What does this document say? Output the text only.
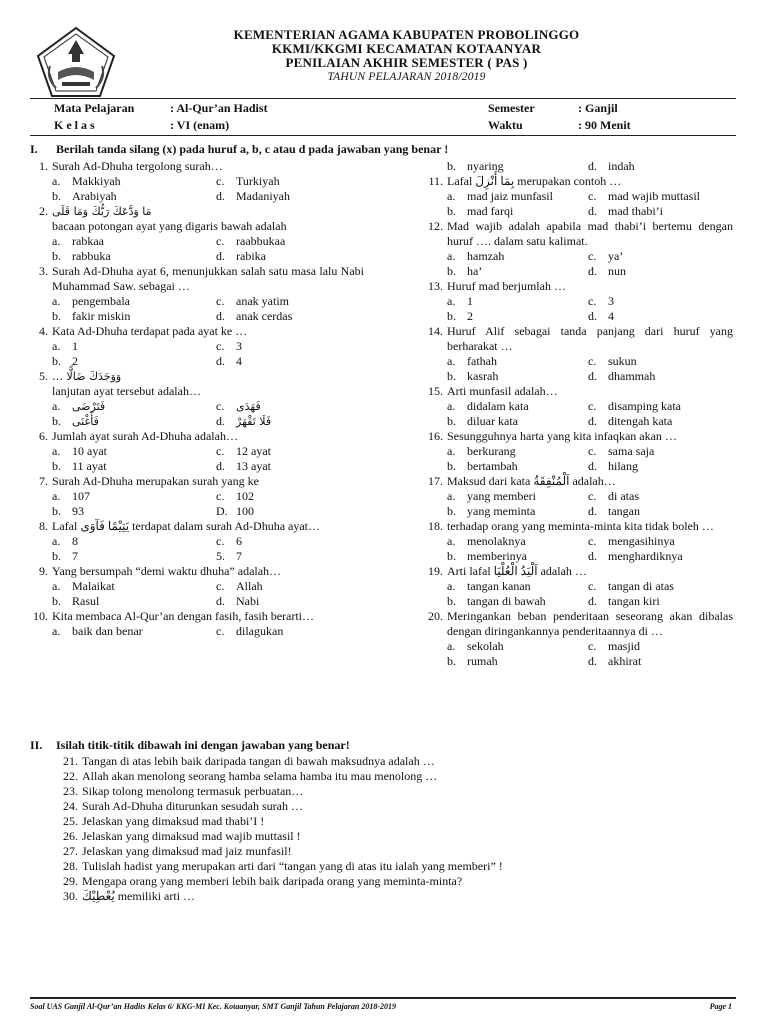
KEMENTERIAN AGAMA KABUPATEN PROBOLINGGO
KKMI/KKGMI KECAMATAN KOTAANYAR
PENILAIAN AKHIR SEMESTER ( PAS )
TAHUN PELAJARAN 2018/2019
Mata Pelajaran	: Al-Qur’an Hadist	Semester	: Ganjil
K e l a s	: VI (enam)	Waktu	: 90 Menit
I. Berilah tanda silang (x) pada huruf a, b, c atau d pada jawaban yang benar !
1. Surah Ad-Dhuha tergolong surah…
a. Makkiyah	c. Turkiyah
b. Arabiyah	d. Madaniyah
2. مَا وَدَّعَكَ رَبُّكَ وَمَا قَلَى
bacaan potongan ayat yang digaris bawah adalah
a. rabkaa	c. raabbukaa
b. rabbuka	d. rabika
3. Surah Ad-Dhuha ayat 6, menunjukkan salah satu masa lalu Nabi Muhammad Saw. sebagai …
a. pengembala	c. anak yatim
b. fakir miskin	d. anak cerdas
4. Kata Ad-Dhuha terdapat pada ayat ke …
a. 1	c. 3
b. 2	d. 4
5. … وَوَجَدَكَ ضَالًّا
lanjutan ayat tersebut adalah…
a. فَتَرْضَى	c. فَهَدَى
b. فَأَغْنَى	d. فَلَا تَقْهَرْ
6. Jumlah ayat surah Ad-Dhuha adalah…
a. 10 ayat	c. 12 ayat
b. 11 ayat	d. 13 ayat
7. Surah Ad-Dhuha merupakan surah yang ke
a. 107	c. 102
b. 93	D. 100
8. Lafal يَتِيْمًا فَآوَى terdapat dalam surah Ad-Dhuha ayat…
a. 8	c. 6
b. 7	5. 7
9. Yang bersumpah “demi waktu dhuha” adalah…
a. Malaikat	c. Allah
b. Rasul	d. Nabi
10. Kita membaca Al-Qur’an dengan fasih, fasih berarti…
a. baik dan benar	c. dilagukan
b. nyaring	d. indah
11. Lafal بِمَا أَنْزِلَ merupakan contoh …
a. mad jaiz munfasil	c. mad wajib muttasil
b. mad farqi	d. mad thabi’i
12. Mad wajib adalah apabila mad thabi’i bertemu dengan huruf …. dalam satu kalimat.
a. hamzah	c. ya’
b. ha’	d. nun
13. Huruf mad berjumlah …
a. 1	c. 3
b. 2	d. 4
14. Huruf Alif sebagai tanda panjang dari huruf yang berharakat …
a. fathah	c. sukun
b. kasrah	d. dhammah
15. Arti munfasil adalah…
a. didalam kata	c. disamping kata
b. diluar kata	d. ditengah kata
16. Sesungguhnya harta yang kita infaqkan akan …
a. berkurang	c. sama saja
b. bertambah	d. hilang
17. Maksud dari kata اَلْمُنْفِقَةُ adalah…
a. yang memberi	c. di atas
b. yang meminta	d. tangan
18. terhadap orang yang meminta-minta kita tidak boleh …
a. menolaknya	c. mengasihinya
b. memberinya	d. menghardiknya
19. Arti lafal اَلْيَدُ الْعُلْيَا adalah …
a. tangan kanan	c. tangan di atas
b. tangan di bawah	d. tangan kiri
20. Meringankan beban penderitaan seseorang akan dibalas dengan diringankannya penderitaannya di …
a. sekolah	c. masjid
b. rumah	d. akhirat
II. Isilah titik-titik dibawah ini dengan jawaban yang benar!
21. Tangan di atas lebih baik daripada tangan di bawah maksudnya adalah …
22. Allah akan menolong seorang hamba selama hamba itu mau menolong …
23. Sikap tolong menolong termasuk perbuatan…
24. Surah Ad-Dhuha diturunkan sesudah surah …
25. Jelaskan yang dimaksud mad thabi’I !
26. Jelaskan yang dimaksud mad wajib muttasil !
27. Jelaskan yang dimaksud mad jaiz munfasil!
28. Tulislah hadist yang merupakan arti dari “tangan yang di atas itu ialah yang memberi” !
29. Mengapa orang yang memberi lebih baik daripada orang yang meminta-minta?
30. يُعْطِيْكَ memiliki arti …
Soal UAS Ganjil Al-Qur’an Hadits Kelas 6/ KKG-MI Kec. Kotaanyar, SMT Ganjil Tahun Pelajaran 2018-2019	Page 1
